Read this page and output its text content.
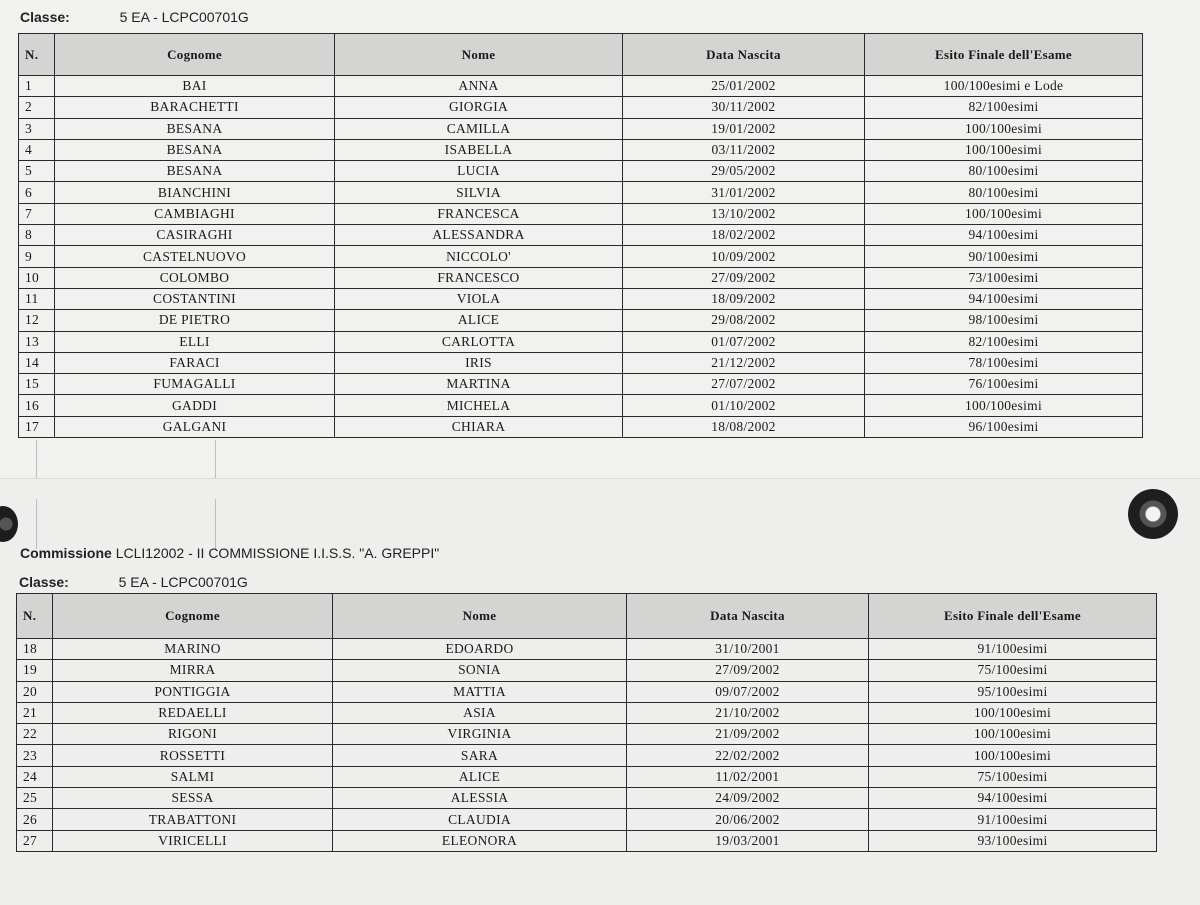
Classe:	5 EA - LCPC00701G
N.	Cognome	Nome	Data Nascita	Esito Finale dell'Esame
1	BAI	ANNA	25/01/2002	100/100esimi e Lode
2	BARACHETTI	GIORGIA	30/11/2002	82/100esimi
3	BESANA	CAMILLA	19/01/2002	100/100esimi
4	BESANA	ISABELLA	03/11/2002	100/100esimi
5	BESANA	LUCIA	29/05/2002	80/100esimi
6	BIANCHINI	SILVIA	31/01/2002	80/100esimi
7	CAMBIAGHI	FRANCESCA	13/10/2002	100/100esimi
8	CASIRAGHI	ALESSANDRA	18/02/2002	94/100esimi
9	CASTELNUOVO	NICCOLO'	10/09/2002	90/100esimi
10	COLOMBO	FRANCESCO	27/09/2002	73/100esimi
11	COSTANTINI	VIOLA	18/09/2002	94/100esimi
12	DE PIETRO	ALICE	29/08/2002	98/100esimi
13	ELLI	CARLOTTA	01/07/2002	82/100esimi
14	FARACI	IRIS	21/12/2002	78/100esimi
15	FUMAGALLI	MARTINA	27/07/2002	76/100esimi
16	GADDI	MICHELA	01/10/2002	100/100esimi
17	GALGANI	CHIARA	18/08/2002	96/100esimi
Commissione LCLI12002 - II COMMISSIONE I.I.S.S. "A. GREPPI"
Classe:	5 EA - LCPC00701G
N.	Cognome	Nome	Data Nascita	Esito Finale dell'Esame
18	MARINO	EDOARDO	31/10/2001	91/100esimi
19	MIRRA	SONIA	27/09/2002	75/100esimi
20	PONTIGGIA	MATTIA	09/07/2002	95/100esimi
21	REDAELLI	ASIA	21/10/2002	100/100esimi
22	RIGONI	VIRGINIA	21/09/2002	100/100esimi
23	ROSSETTI	SARA	22/02/2002	100/100esimi
24	SALMI	ALICE	11/02/2001	75/100esimi
25	SESSA	ALESSIA	24/09/2002	94/100esimi
26	TRABATTONI	CLAUDIA	20/06/2002	91/100esimi
27	VIRICELLI	ELEONORA	19/03/2001	93/100esimi
